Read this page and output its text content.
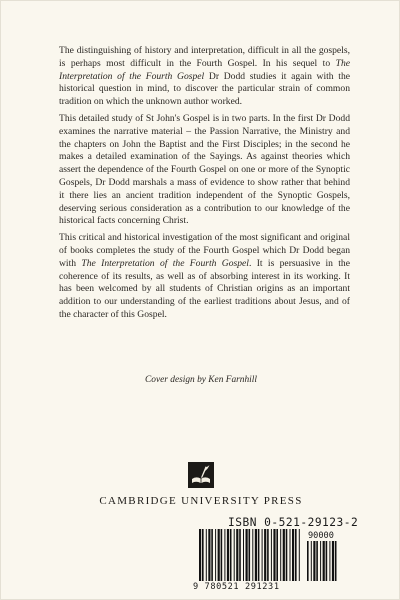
The distinguishing of history and interpretation, difficult in all the gospels, is perhaps most difficult in the Fourth Gospel. In his sequel to The Interpretation of the Fourth Gospel Dr Dodd studies it again with the historical question in mind, to discover the particular strain of common tradition on which the unknown author worked.

This detailed study of St John's Gospel is in two parts. In the first Dr Dodd examines the narrative material – the Passion Narrative, the Ministry and the chapters on John the Baptist and the First Disciples; in the second he makes a detailed examination of the Sayings. As against theories which assert the dependence of the Fourth Gospel on one or more of the Synoptic Gospels, Dr Dodd marshals a mass of evidence to show rather that behind it there lies an ancient tradition independent of the Synoptic Gospels, deserving serious consideration as a contribution to our knowledge of the historical facts concerning Christ.

This critical and historical investigation of the most significant and original of books completes the study of the Fourth Gospel which Dr Dodd began with The Interpretation of the Fourth Gospel. It is persuasive in the coherence of its results, as well as of absorbing interest in its working. It has been welcomed by all students of Christian origins as an important addition to our understanding of the earliest traditions about Jesus, and of the character of this Gospel.

Cover design by Ken Farnhill
CAMBRIDGE UNIVERSITY PRESS
ISBN 0-521-29123-2
9 780521 291231
90000
